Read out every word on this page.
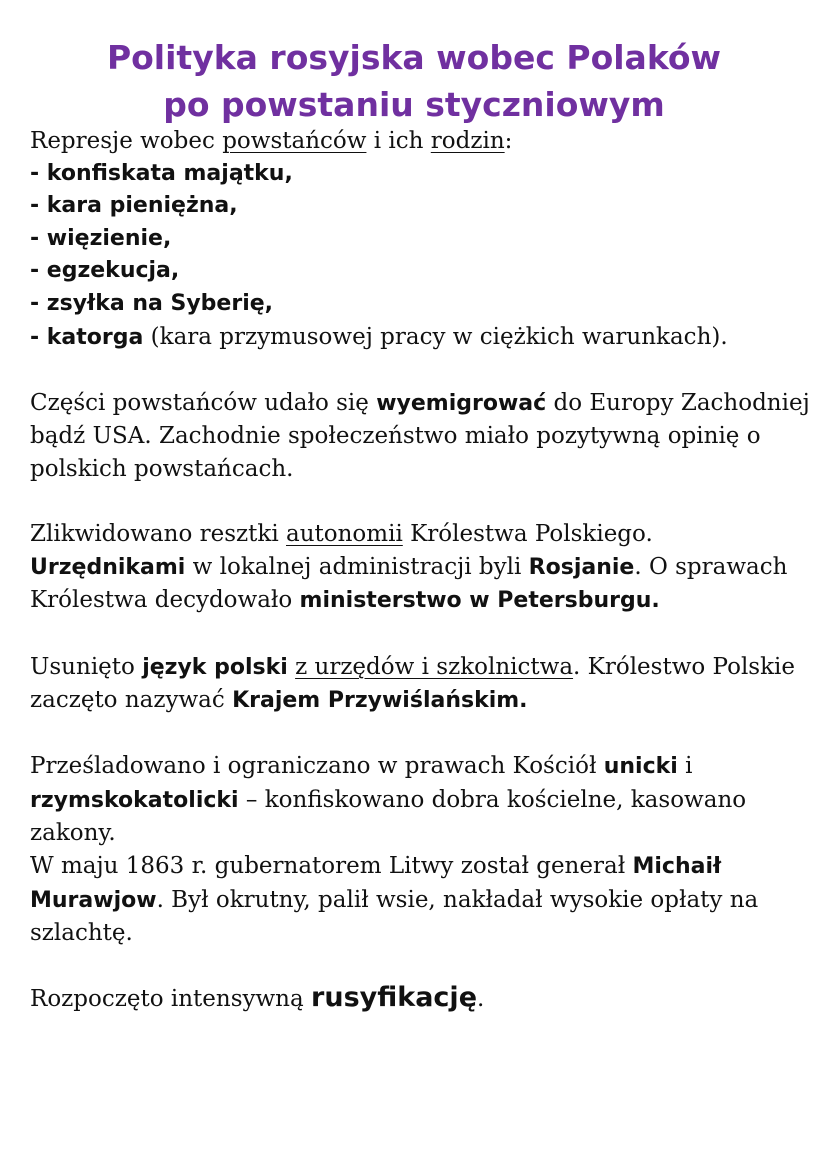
Polityka rosyjska wobec Polaków
po powstaniu styczniowym

Represje wobec powstańców i ich rodzin:

- konfiskata majątku,

- kara pieniężna,

- więzienie,

- egzekucja,

- zsyłka na Syberię,

- katorga (kara przymusowej pracy w ciężkich warunkach).

Części powstańców udało się wyemigrować do Europy Zachodniej bądź USA. Zachodnie społeczeństwo miało pozytywną opinię o polskich powstańcach.

Zlikwidowano resztki autonomii Królestwa Polskiego. Urzędnikami w lokalnej administracji byli Rosjanie. O sprawach Królestwa decydowało ministerstwo w Petersburgu.

Usunięto język polski z urzędów i szkolnictwa. Królestwo Polskie zaczęto nazywać Krajem Przywiślańskim.

Prześladowano i ograniczano w prawach Kościół unicki i rzymskokatolicki – konfiskowano dobra kościelne, kasowano zakony.

W maju 1863 r. gubernatorem Litwy został generał Michaił Murawjow. Był okrutny, palił wsie, nakładał wysokie opłaty na szlachtę.

Rozpoczęto intensywną rusyfikację.
